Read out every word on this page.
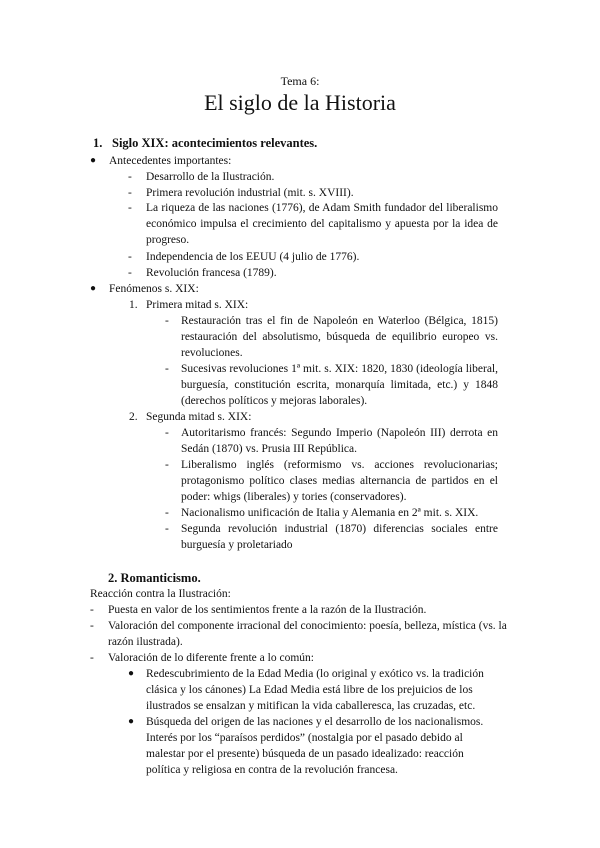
Tema 6:
El siglo de la Historia
1. Siglo XIX: acontecimientos relevantes.
● Antecedentes importantes:
- Desarrollo de la Ilustración.
- Primera revolución industrial (mit. s. XVIII).
- La riqueza de las naciones (1776), de Adam Smith fundador del liberalismo económico impulsa el crecimiento del capitalismo y apuesta por la idea de progreso.
- Independencia de los EEUU (4 julio de 1776).
- Revolución francesa (1789).
● Fenómenos s. XIX:
1. Primera mitad s. XIX:
- Restauración tras el fin de Napoleón en Waterloo (Bélgica, 1815) restauración del absolutismo, búsqueda de equilibrio europeo vs. revoluciones.
- Sucesivas revoluciones 1ª mit. s. XIX: 1820, 1830 (ideología liberal, burguesía, constitución escrita, monarquía limitada, etc.) y 1848 (derechos políticos y mejoras laborales).
2. Segunda mitad s. XIX:
- Autoritarismo francés: Segundo Imperio (Napoleón III) derrota en Sedán (1870) vs. Prusia III República.
- Liberalismo inglés (reformismo vs. acciones revolucionarias; protagonismo político clases medias alternancia de partidos en el poder: whigs (liberales) y tories (conservadores).
- Nacionalismo unificación de Italia y Alemania en 2ª mit. s. XIX.
- Segunda revolución industrial (1870) diferencias sociales entre burguesía y proletariado
2. Romanticismo.
Reacción contra la Ilustración:
- Puesta en valor de los sentimientos frente a la razón de la Ilustración.
- Valoración del componente irracional del conocimiento: poesía, belleza, mística (vs. la razón ilustrada).
- Valoración de lo diferente frente a lo común:
● Redescubrimiento de la Edad Media (lo original y exótico vs. la tradición clásica y los cánones) La Edad Media está libre de los prejuicios de los ilustrados se ensalzan y mitifican la vida caballeresca, las cruzadas, etc.
● Búsqueda del origen de las naciones y el desarrollo de los nacionalismos. Interés por los “paraísos perdidos” (nostalgia por el pasado debido al malestar por el presente) búsqueda de un pasado idealizado: reacción política y religiosa en contra de la revolución francesa.
